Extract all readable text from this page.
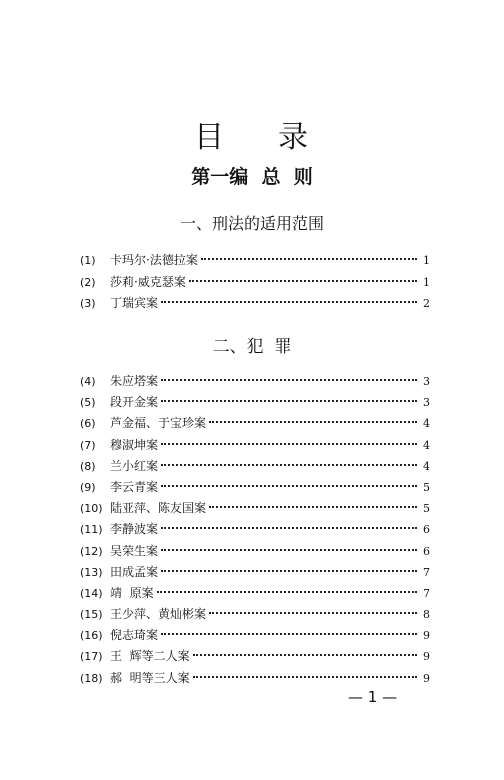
目 录
第一编  总  则
一、刑法的适用范围
(1)	卡玛尔·法德拉案	1
(2)	莎莉·威克瑟案	1
(3)	丁瑞宾案	2
二、犯  罪
(4)	朱应塔案	3
(5)	段开金案	3
(6)	芦金福、于宝珍案	4
(7)	穆淑坤案	4
(8)	兰小红案	4
(9)	李云青案	5
(10) 陆亚萍、陈友国案	5
(11) 李静波案	6
(12) 吴荣生案	6
(13) 田成孟案	7
(14) 靖  原案	7
(15) 王少萍、黄灿彬案	8
(16) 倪志琦案	9
(17) 王  辉等二人案	9
(18) 郝  明等三人案	9
— 1 —
